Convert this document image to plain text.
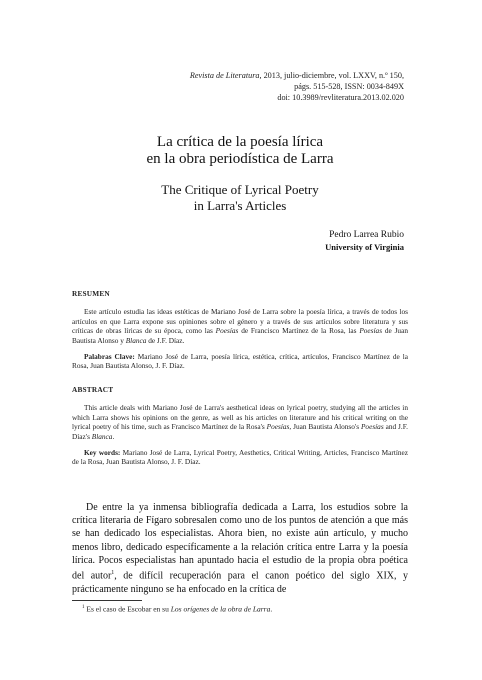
Revista de Literatura, 2013, julio-diciembre, vol. LXXV, n.º 150,
págs. 515-528, ISSN: 0034-849X
doi: 10.3989/revliteratura.2013.02.020
La crítica de la poesía lírica
en la obra periodística de Larra
The Critique of Lyrical Poetry
in Larra's Articles
Pedro Larrea Rubio
University of Virginia
RESUMEN

Este artículo estudia las ideas estéticas de Mariano José de Larra sobre la poesía lírica, a través de todos los artículos en que Larra expone sus opiniones sobre el género y a través de sus artículos sobre literatura y sus críticas de obras líricas de su época, como las Poesías de Francisco Martínez de la Rosa, las Poesías de Juan Bautista Alonso y Blanca de J.F. Díaz.

Palabras Clave: Mariano José de Larra, poesía lírica, estética, crítica, artículos, Francisco Martínez de la Rosa, Juan Bautista Alonso, J. F. Díaz.

ABSTRACT

This article deals with Mariano José de Larra's aesthetical ideas on lyrical poetry, studying all the articles in which Larra shows his opinions on the genre, as well as his articles on literature and his critical writing on the lyrical poetry of his time, such as Francisco Martínez de la Rosa's Poesías, Juan Bautista Alonso's Poesías and J.F. Díaz's Blanca.

Key words: Mariano José de Larra, Lyrical Poetry, Aesthetics, Critical Writing, Articles, Francisco Martínez de la Rosa, Juan Bautista Alonso, J. F. Díaz.

De entre la ya inmensa bibliografía dedicada a Larra, los estudios sobre la crítica literaria de Fígaro sobresalen como uno de los puntos de atención a que más se han dedicado los especialistas. Ahora bien, no existe aún artículo, y mucho menos libro, dedicado específicamente a la relación crítica entre Larra y la poesía lírica. Pocos especialistas han apuntado hacia el estudio de la propia obra poética del autor$^1$, de difícil recuperación para el canon poético del siglo XIX, y prácticamente ninguno se ha enfocado en la crítica de

$^1$ Es el caso de Escobar en su Los orígenes de la obra de Larra.
